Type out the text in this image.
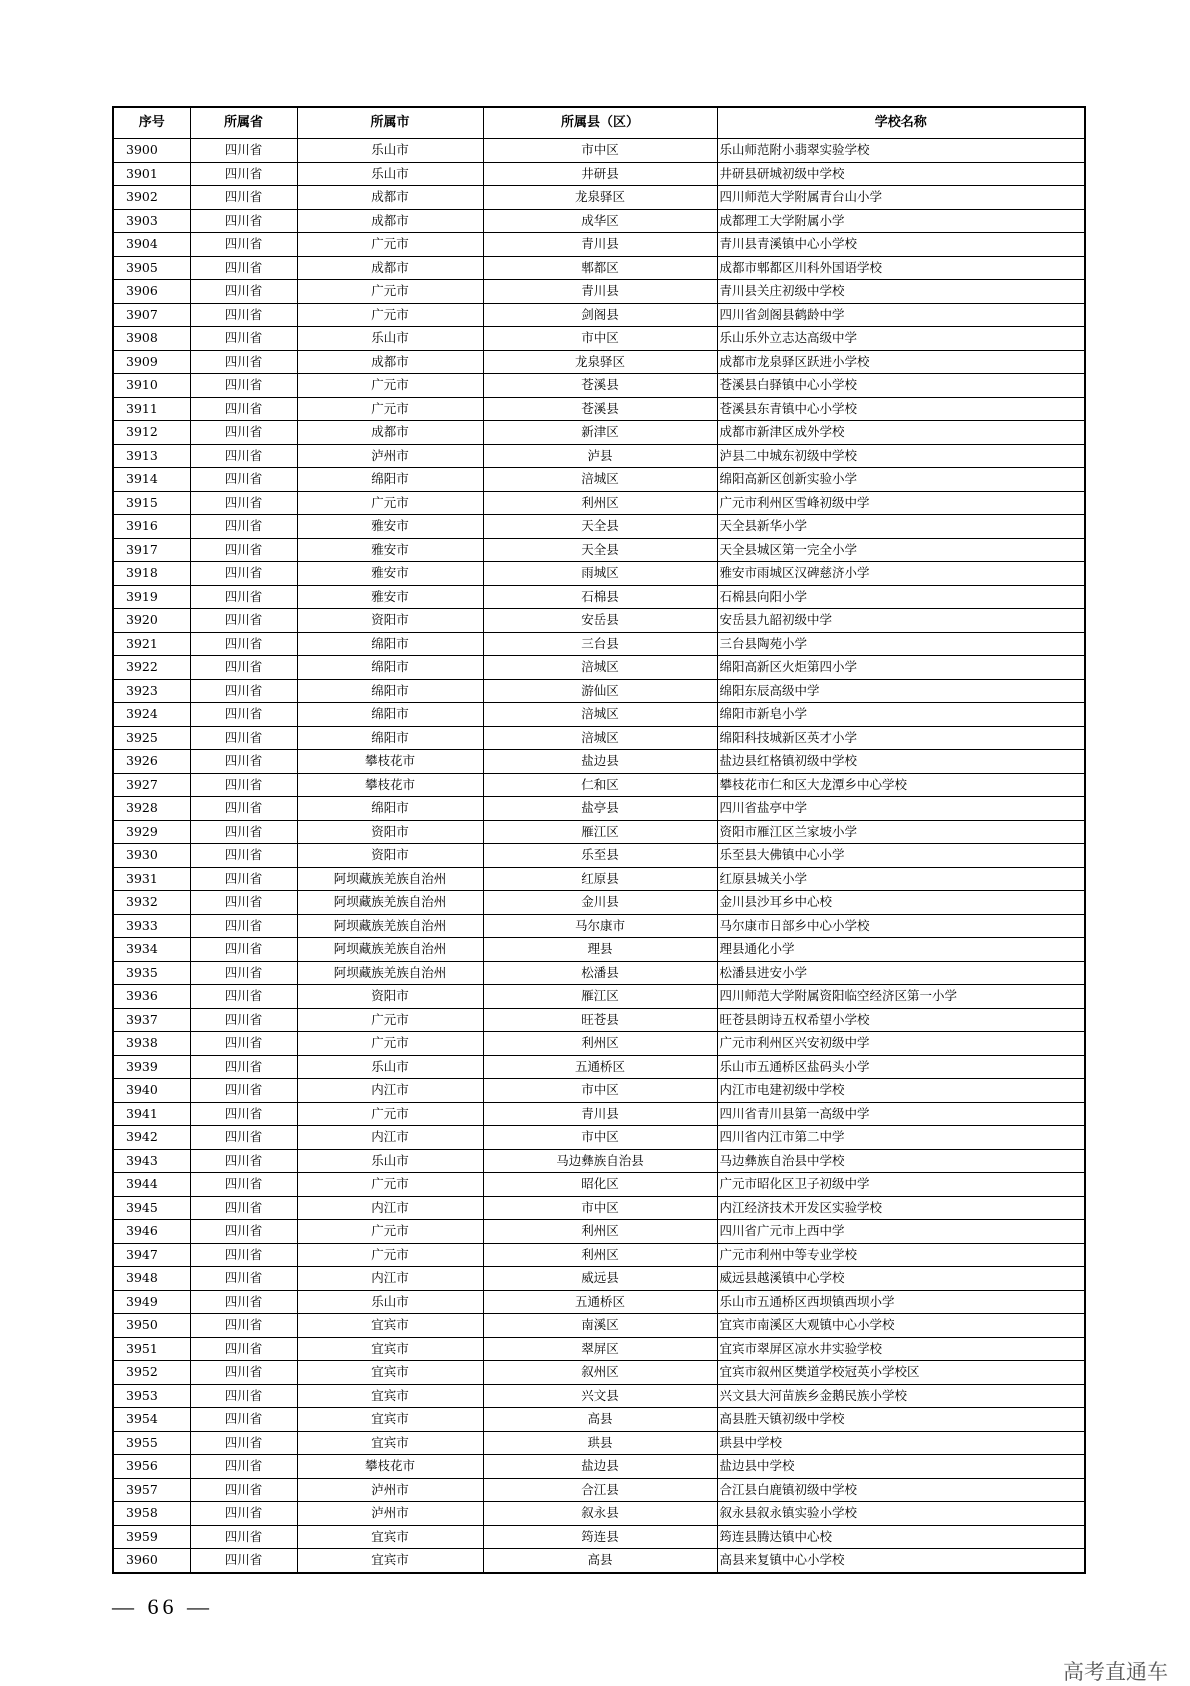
序号	所属省	所属市	所属县（区）	学校名称
3900	四川省	乐山市	市中区	乐山师范附小翡翠实验学校
3901	四川省	乐山市	井研县	井研县研城初级中学校
3902	四川省	成都市	龙泉驿区	四川师范大学附属青台山小学
3903	四川省	成都市	成华区	成都理工大学附属小学
3904	四川省	广元市	青川县	青川县青溪镇中心小学校
3905	四川省	成都市	郫都区	成都市郫都区川科外国语学校
3906	四川省	广元市	青川县	青川县关庄初级中学校
3907	四川省	广元市	剑阁县	四川省剑阁县鹤龄中学
3908	四川省	乐山市	市中区	乐山乐外立志达高级中学
3909	四川省	成都市	龙泉驿区	成都市龙泉驿区跃进小学校
3910	四川省	广元市	苍溪县	苍溪县白驿镇中心小学校
3911	四川省	广元市	苍溪县	苍溪县东青镇中心小学校
3912	四川省	成都市	新津区	成都市新津区成外学校
3913	四川省	泸州市	泸县	泸县二中城东初级中学校
3914	四川省	绵阳市	涪城区	绵阳高新区创新实验小学
3915	四川省	广元市	利州区	广元市利州区雪峰初级中学
3916	四川省	雅安市	天全县	天全县新华小学
3917	四川省	雅安市	天全县	天全县城区第一完全小学
3918	四川省	雅安市	雨城区	雅安市雨城区汉碑慈济小学
3919	四川省	雅安市	石棉县	石棉县向阳小学
3920	四川省	资阳市	安岳县	安岳县九韶初级中学
3921	四川省	绵阳市	三台县	三台县陶苑小学
3922	四川省	绵阳市	涪城区	绵阳高新区火炬第四小学
3923	四川省	绵阳市	游仙区	绵阳东辰高级中学
3924	四川省	绵阳市	涪城区	绵阳市新皂小学
3925	四川省	绵阳市	涪城区	绵阳科技城新区英才小学
3926	四川省	攀枝花市	盐边县	盐边县红格镇初级中学校
3927	四川省	攀枝花市	仁和区	攀枝花市仁和区大龙潭乡中心学校
3928	四川省	绵阳市	盐亭县	四川省盐亭中学
3929	四川省	资阳市	雁江区	资阳市雁江区兰家坡小学
3930	四川省	资阳市	乐至县	乐至县大佛镇中心小学
3931	四川省	阿坝藏族羌族自治州	红原县	红原县城关小学
3932	四川省	阿坝藏族羌族自治州	金川县	金川县沙耳乡中心校
3933	四川省	阿坝藏族羌族自治州	马尔康市	马尔康市日部乡中心小学校
3934	四川省	阿坝藏族羌族自治州	理县	理县通化小学
3935	四川省	阿坝藏族羌族自治州	松潘县	松潘县进安小学
3936	四川省	资阳市	雁江区	四川师范大学附属资阳临空经济区第一小学
3937	四川省	广元市	旺苍县	旺苍县朗诗五权希望小学校
3938	四川省	广元市	利州区	广元市利州区兴安初级中学
3939	四川省	乐山市	五通桥区	乐山市五通桥区盐码头小学
3940	四川省	内江市	市中区	内江市电建初级中学校
3941	四川省	广元市	青川县	四川省青川县第一高级中学
3942	四川省	内江市	市中区	四川省内江市第二中学
3943	四川省	乐山市	马边彝族自治县	马边彝族自治县中学校
3944	四川省	广元市	昭化区	广元市昭化区卫子初级中学
3945	四川省	内江市	市中区	内江经济技术开发区实验学校
3946	四川省	广元市	利州区	四川省广元市上西中学
3947	四川省	广元市	利州区	广元市利州中等专业学校
3948	四川省	内江市	威远县	威远县越溪镇中心学校
3949	四川省	乐山市	五通桥区	乐山市五通桥区西坝镇西坝小学
3950	四川省	宜宾市	南溪区	宜宾市南溪区大观镇中心小学校
3951	四川省	宜宾市	翠屏区	宜宾市翠屏区凉水井实验学校
3952	四川省	宜宾市	叙州区	宜宾市叙州区樊道学校冠英小学校区
3953	四川省	宜宾市	兴文县	兴文县大河苗族乡金鹅民族小学校
3954	四川省	宜宾市	高县	高县胜天镇初级中学校
3955	四川省	宜宾市	珙县	珙县中学校
3956	四川省	攀枝花市	盐边县	盐边县中学校
3957	四川省	泸州市	合江县	合江县白鹿镇初级中学校
3958	四川省	泸州市	叙永县	叙永县叙永镇实验小学校
3959	四川省	宜宾市	筠连县	筠连县腾达镇中心校
3960	四川省	宜宾市	高县	高县来复镇中心小学校
— 66 —
高考直通车
